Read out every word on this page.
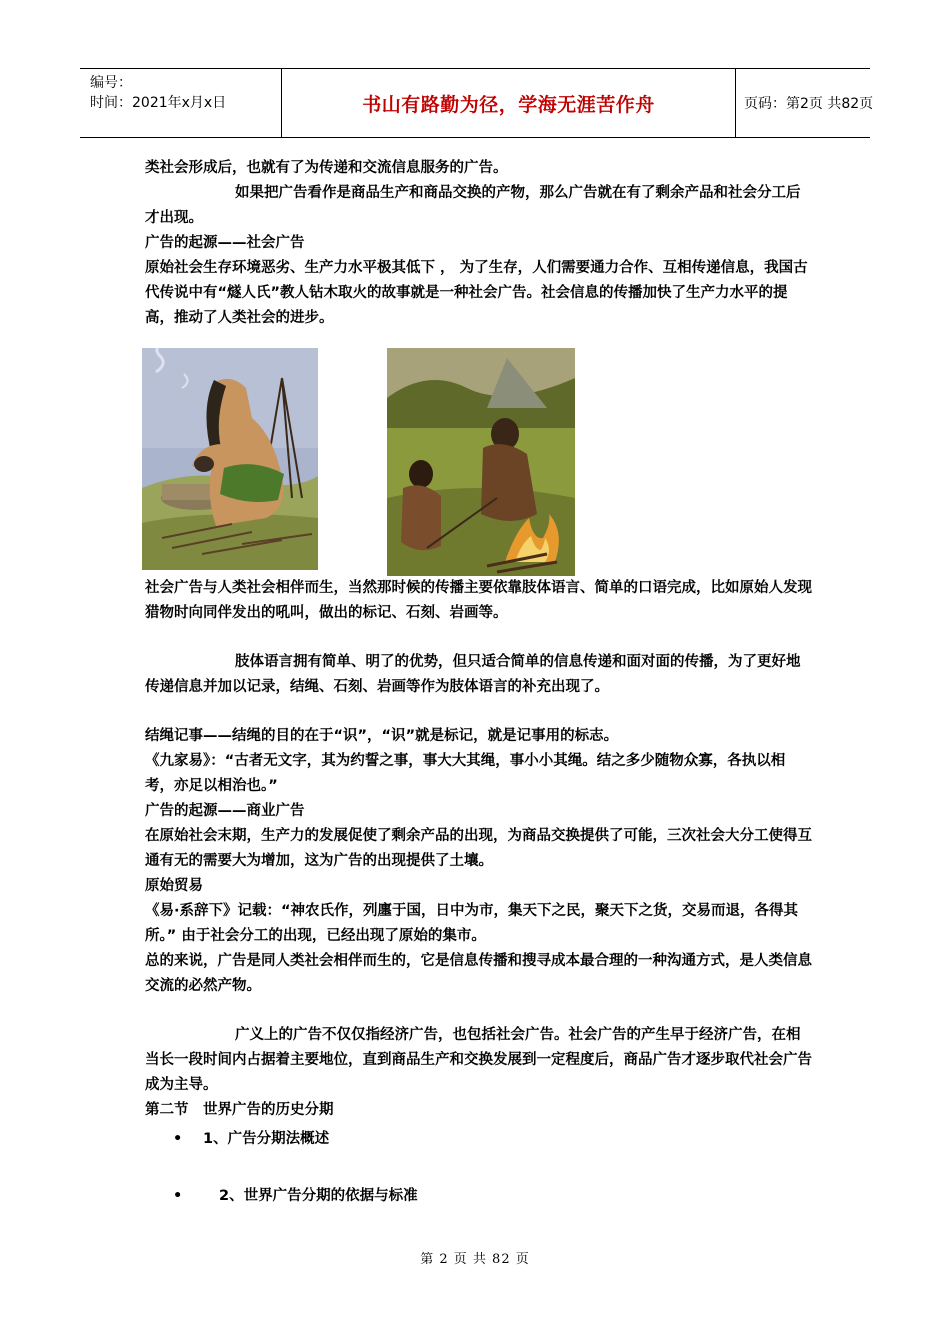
编号：
时间：2021年x月x日	书山有路勤为径，学海无涯苦作舟	页码：第2页 共82页

类社会形成后，也就有了为传递和交流信息服务的广告。

如果把广告看作是商品生产和商品交换的产物，那么广告就在有了剩余产品和社会分工后才出现。

广告的起源——社会广告

原始社会生存环境恶劣、生产力水平极其低下 ， 为了生存，人们需要通力合作、互相传递信息，我国古代传说中有“燧人氏”教人钻木取火的故事就是一种社会广告。社会信息的传播加快了生产力水平的提高，推动了人类社会的进步。

社会广告与人类社会相伴而生，当然那时候的传播主要依靠肢体语言、简单的口语完成，比如原始人发现猎物时向同伴发出的吼叫，做出的标记、石刻、岩画等。

肢体语言拥有简单、明了的优势，但只适合简单的信息传递和面对面的传播，为了更好地传递信息并加以记录，结绳、石刻、岩画等作为肢体语言的补充出现了。

结绳记事——结绳的目的在于“识”，“识”就是标记，就是记事用的标志。

《九家易》：“古者无文字，其为约誓之事，事大大其绳，事小小其绳。结之多少随物众寡，各执以相考，亦足以相治也。”

广告的起源——商业广告

在原始社会末期，生产力的发展促使了剩余产品的出现，为商品交换提供了可能，三次社会大分工使得互通有无的需要大为增加，这为广告的出现提供了土壤。

原始贸易

《易·系辞下》记载：“神农氏作，列廛于国，日中为市，集天下之民，聚天下之货，交易而退，各得其所。” 由于社会分工的出现，已经出现了原始的集市。

总的来说，广告是同人类社会相伴而生的，它是信息传播和搜寻成本最合理的一种沟通方式，是人类信息交流的必然产物。

广义上的广告不仅仅指经济广告，也包括社会广告。社会广告的产生早于经济广告，在相当长一段时间内占据着主要地位，直到商品生产和交换发展到一定程度后，商品广告才逐步取代社会广告成为主导。

第二节　世界广告的历史分期

• 1、广告分期法概述
•	2、世界广告分期的依据与标准
第 2 页 共 82 页
